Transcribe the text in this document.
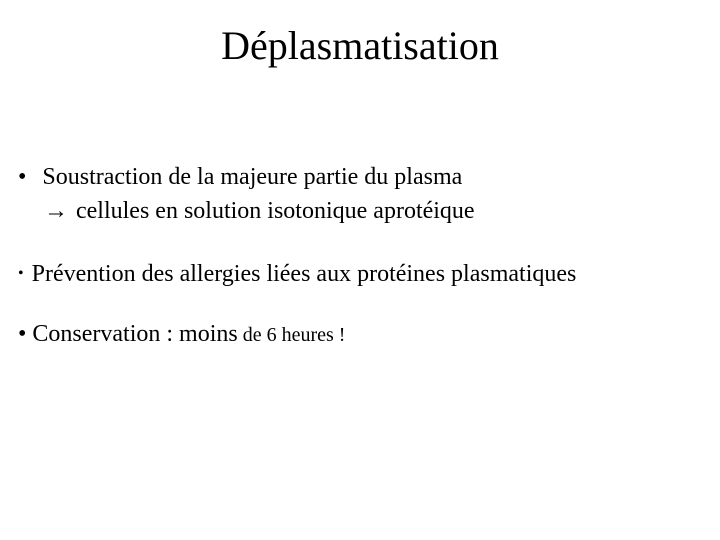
Déplasmatisation
• Soustraction de la majeure partie du plasma
→ cellules en solution isotonique aprotéique
• Prévention des allergies liées aux protéines plasmatiques
• Conservation : moins de 6 heures !
